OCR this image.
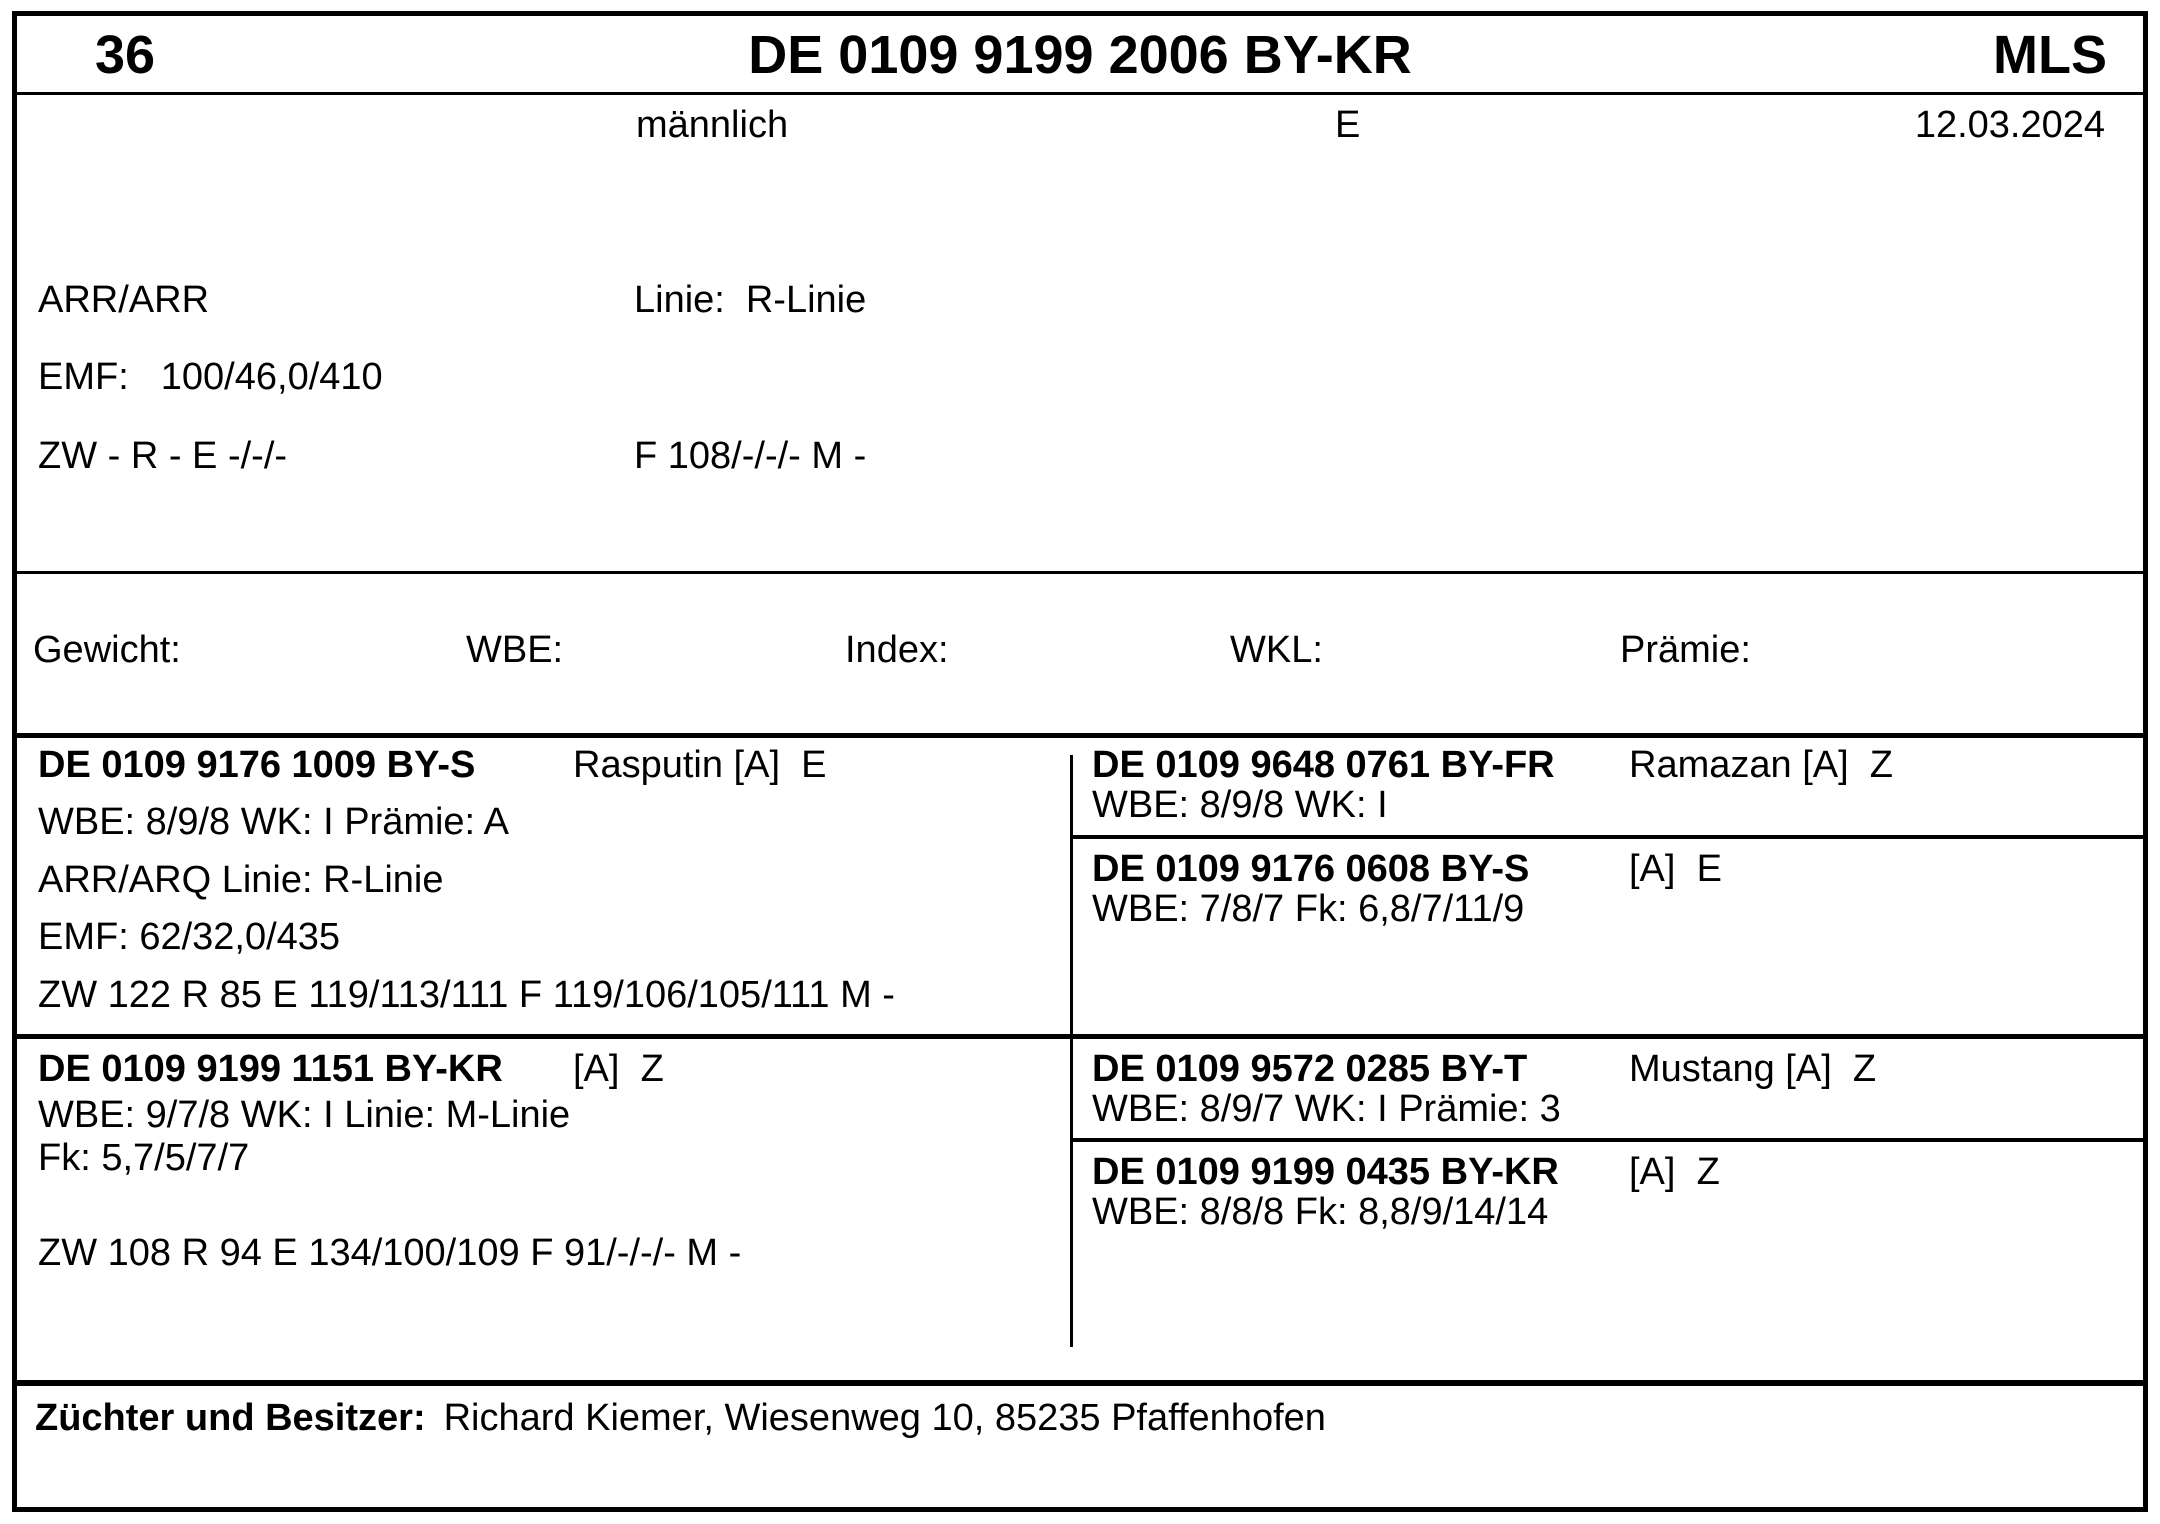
36	DE 0109 9199 2006 BY-KR	MLS
männlich	E	12.03.2024
ARR/ARR	Linie: R-Linie
EMF: 100/46,0/410
ZW - R - E -/-/-	F 108/-/-/- M -
Gewicht:	WBE:	Index:	WKL:	Prämie:
DE 0109 9176 1009 BY-S	Rasputin [A]  E
WBE: 8/9/8 WK: I Prämie: A
ARR/ARQ Linie: R-Linie
EMF: 62/32,0/435
ZW 122 R 85 E 119/113/111 F 119/106/105/111 M -
DE 0109 9648 0761 BY-FR Ramazan [A]  Z
WBE: 8/9/8 WK: I
DE 0109 9176 0608 BY-S	[A]  E
WBE: 7/8/7 Fk: 6,8/7/11/9
DE 0109 9199 1151 BY-KR [A]  Z
WBE: 9/7/8 WK: I Linie: M-Linie
Fk: 5,7/5/7/7
ZW 108 R 94 E 134/100/109 F 91/-/-/- M -
DE 0109 9572 0285 BY-T	Mustang [A]  Z
WBE: 8/9/7 WK: I Prämie: 3
DE 0109 9199 0435 BY-KR [A]  Z
WBE: 8/8/8 Fk: 8,8/9/14/14
Züchter und Besitzer: Richard Kiemer, Wiesenweg 10, 85235 Pfaffenhofen
